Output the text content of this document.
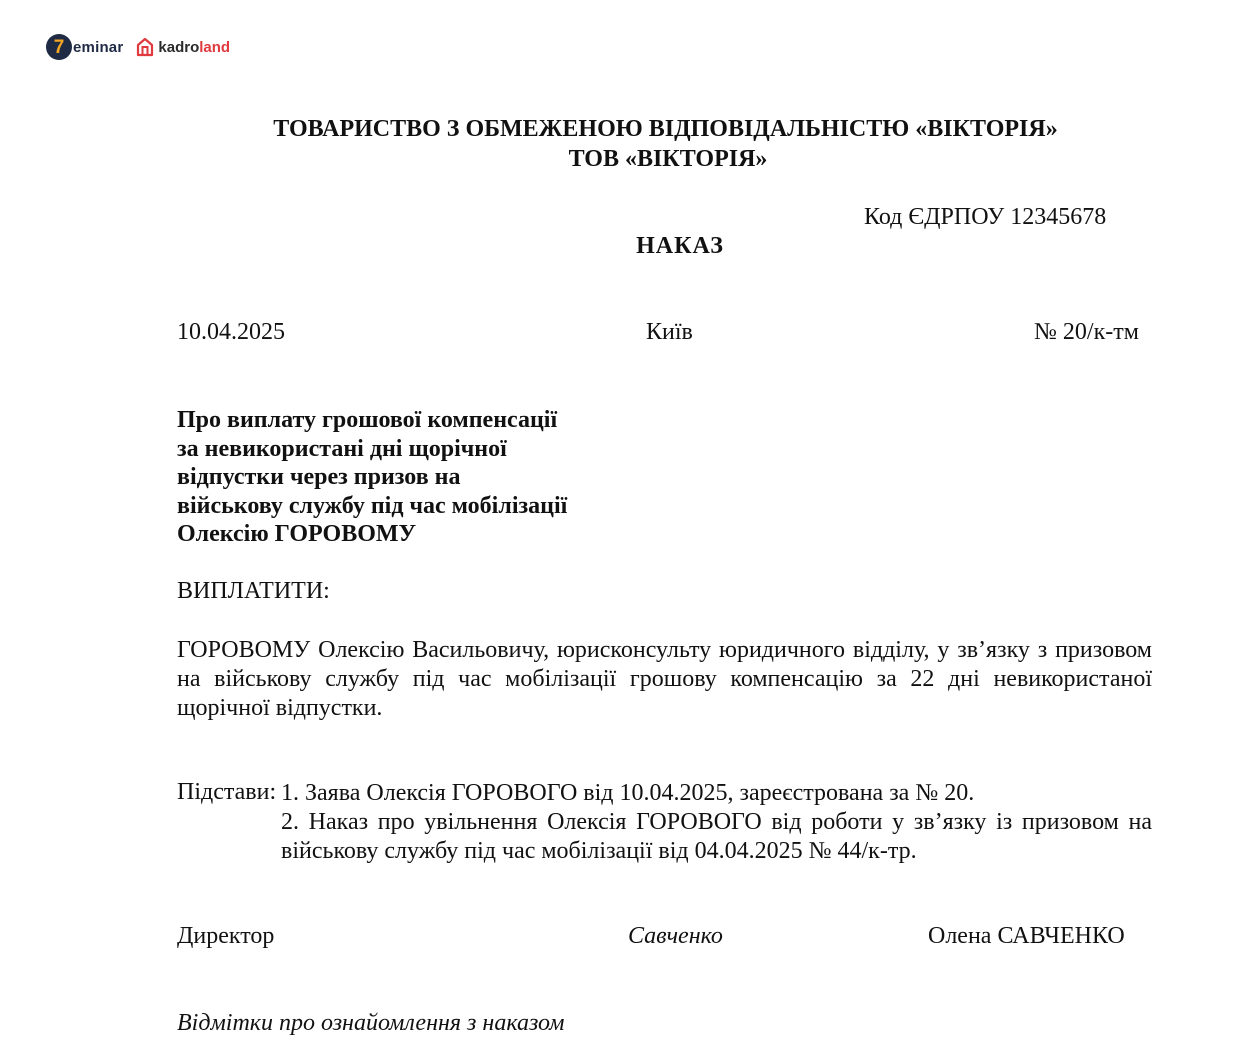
7 eminar kadro land
ТОВАРИСТВО З ОБМЕЖЕНОЮ ВІДПОВІДАЛЬНІСТЮ «ВІКТОРІЯ»
ТОВ «ВІКТОРІЯ»
Код ЄДРПОУ 12345678
НАКАЗ
10.04.2025	Київ	№ 20/к-тм
Про виплату грошової компенсації
за невикористані дні щорічної
відпустки через призов на
військову службу під час мобілізації
Олексію ГОРОВОМУ
ВИПЛАТИТИ:
ГОРОВОМУ Олексію Васильовичу, юрисконсульту юридичного відділу, у зв’язку з призовом на військову службу під час мобілізації грошову компенсацію за 22 дні невикористаної щорічної відпустки.
Підстави: 1. Заява Олексія ГОРОВОГО від 10.04.2025, зареєстрована за № 20.
2. Наказ про увільнення Олексія ГОРОВОГО від роботи у зв’язку із призовом на військову службу під час мобілізації від 04.04.2025 № 44/к-тр.
Директор	Савченко	Олена САВЧЕНКО
Відмітки про ознайомлення з наказом
